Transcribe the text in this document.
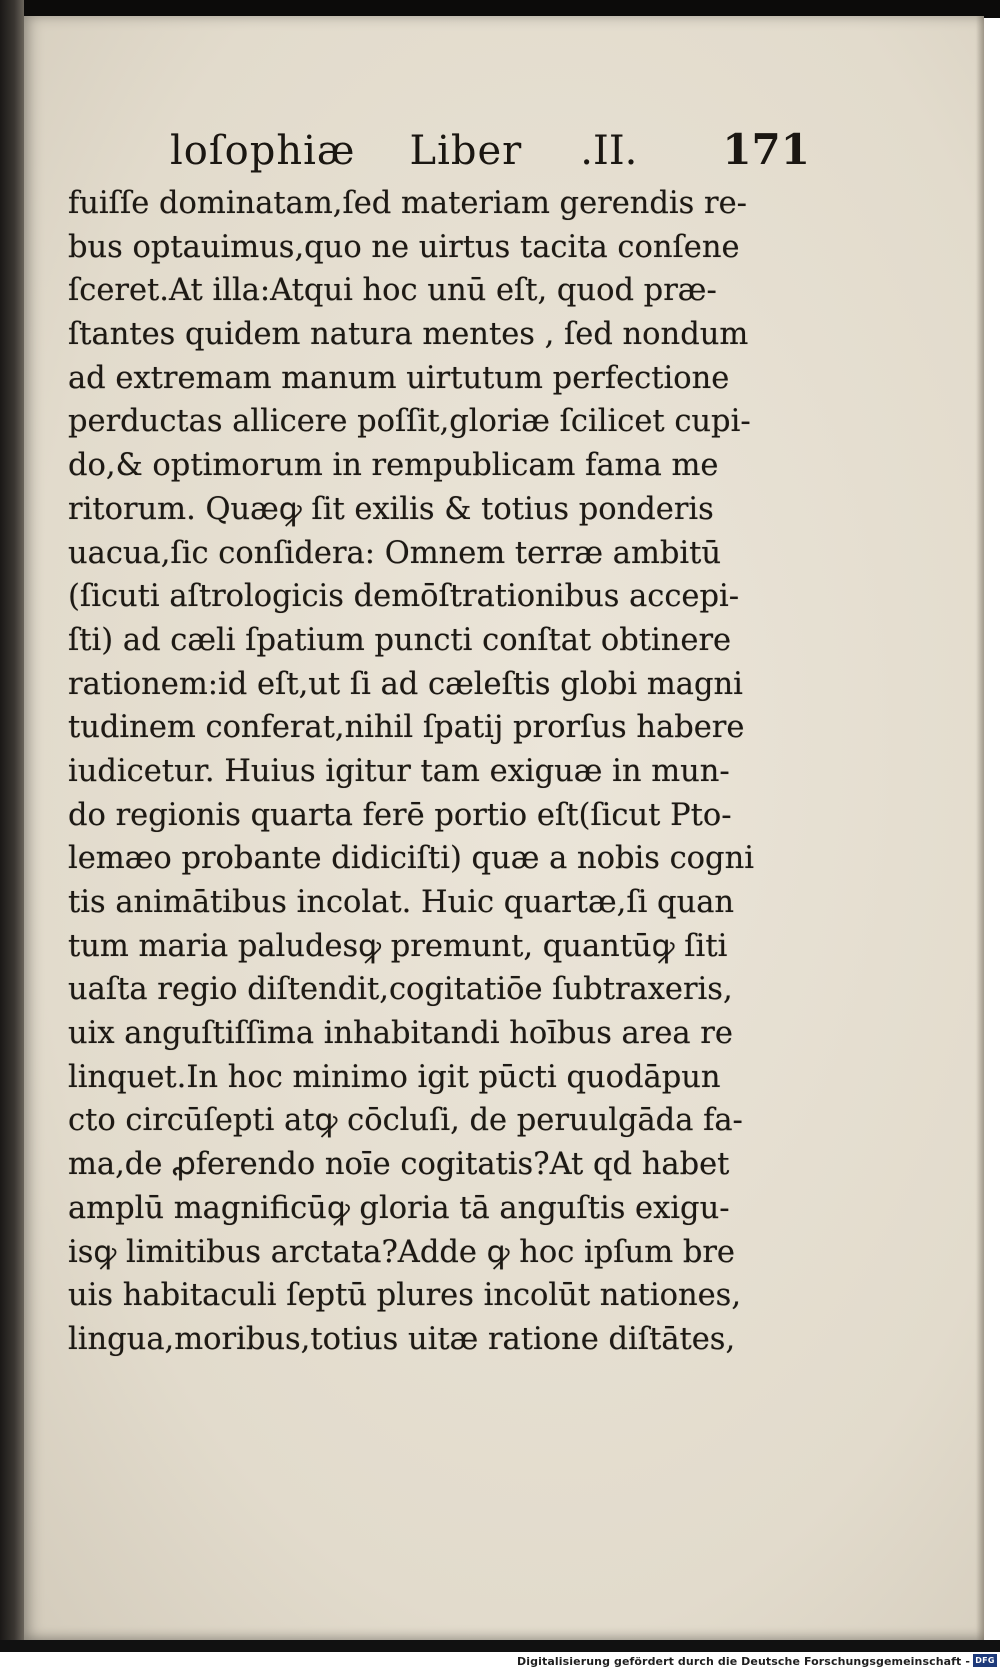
loſophiæ Liber .II. 171
fuiſſe dominatam,ſed materiam gerendis re-
bus optauimus,quo ne uirtus tacita conſene
ſceret.At illa:Atqui hoc unū eſt, quod præ-
ſtantes quidem natura mentes , ſed nondum
ad extremam manum uirtutum perfectione
perductas allicere poſſit,gloriæ ſcilicet cupi-
do,& optimorum in rempublicam fama me
ritorum. Quæꝙ ſit exilis & totius ponderis
uacua,ſic conſidera: Omnem terræ ambitū
(ſicuti aſtrologicis demōſtrationibus accepi-
ſti) ad cæli ſpatium puncti conſtat obtinere
rationem:id eſt,ut ſi ad cæleſtis globi magni
tudinem conferat,nihil ſpatij prorſus habere
iudicetur. Huius igitur tam exiguæ in mun-
do regionis quarta ferē portio eſt(ſicut Pto-
lemæo probante didiciſti) quæ a nobis cogni
tis animātibus incolat. Huic quartæ,ſi quan
tum maria paludesꝙ premunt, quantūꝙ ſiti
uaſta regio diſtendit,cogitatiōe ſubtraxeris,
uix anguſtiſſima inhabitandi hoībus area re
linquet.In hoc minimo igit pūcti quodāpun
cto circūſepti atꝙ cōcluſi, de peruulgāda fa-
ma,de ꝓferendo noīe cogitatis?At qd habet
amplū magnificūꝙ gloria tā anguſtis exigu-
isꝙ limitibus arctata?Adde ꝙ hoc ipſum bre
uis habitaculi ſeptū plures incolūt nationes,
lingua,moribus,totius uitæ ratione diſtātes,
Digitalisierung gefördert durch die Deutsche Forschungsgemeinschaft - DFG
